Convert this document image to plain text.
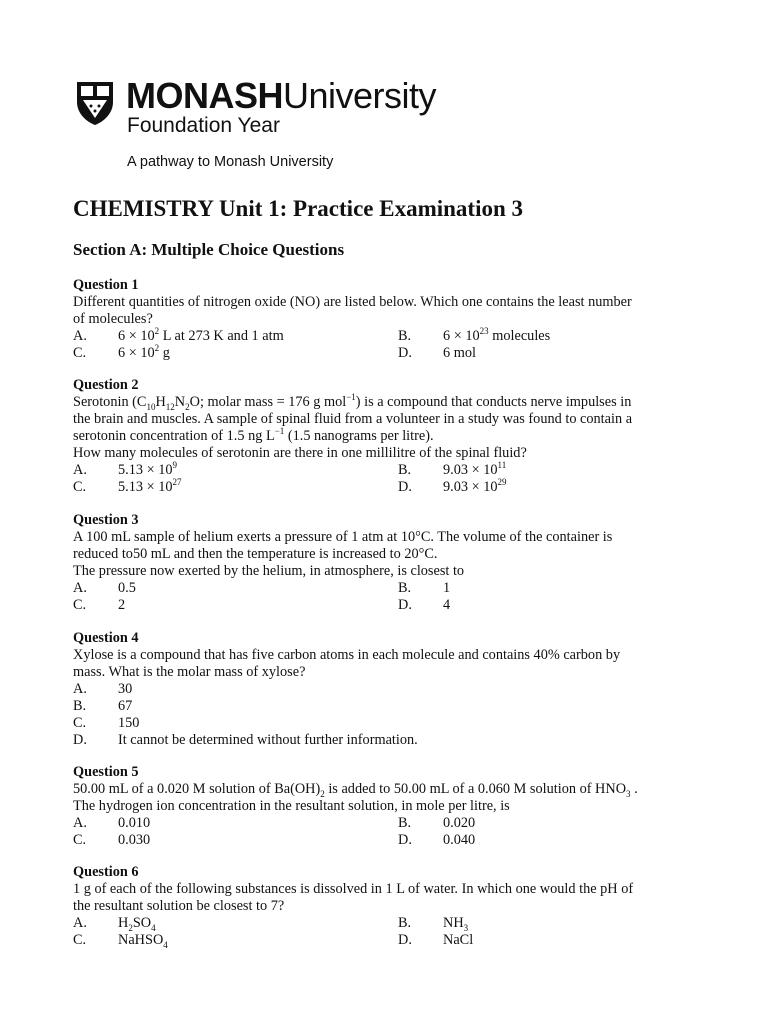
MONASHUniversity
Foundation Year
A pathway to Monash University
CHEMISTRY Unit 1: Practice Examination 3
Section A: Multiple Choice Questions

Question 1

Different quantities of nitrogen oxide (NO) are listed below. Which one contains the least number

of molecules?

A.	$6 \times 10^2$ L at 273 K and 1 atm	B.	$6 \times 10^{23}$ molecules
C.	$6 \times 10^2$ g	D.	6 mol

Question 2

Serotonin ($C_{10}H_{12}N_2O$; molar mass = 176 g mol$^{-1}$) is a compound that conducts nerve impulses in

the brain and muscles. A sample of spinal fluid from a volunteer in a study was found to contain a

serotonin concentration of 1.5 ng $L^{-1}$ (1.5 nanograms per litre).

How many molecules of serotonin are there in one millilitre of the spinal fluid?

A.	$5.13 \times 10^9$	B.	$9.03 \times 10^{11}$
C.	$5.13 \times 10^{27}$	D.	$9.03 \times 10^{29}$

Question 3

A 100 mL sample of helium exerts a pressure of 1 atm at 10°C. The volume of the container is

reduced to50 mL and then the temperature is increased to 20°C.

The pressure now exerted by the helium, in atmosphere, is closest to

A.	0.5	B.	1
C.	2	D.	4

Question 4

Xylose is a compound that has five carbon atoms in each molecule and contains 40% carbon by

mass. What is the molar mass of xylose?

A.	30
B.	67
C.	150
D.	It cannot be determined without further information.

Question 5

50.00 mL of a 0.020 M solution of $Ba(OH)_2$ is added to 50.00 mL of a 0.060 M solution of $HNO_3$ .

The hydrogen ion concentration in the resultant solution, in mole per litre, is

A.	0.010	B.	0.020
C.	0.030	D.	0.040

Question 6

1 g of each of the following substances is dissolved in 1 L of water. In which one would the pH of

the resultant solution be closest to 7?

A.	$H_2SO_4$	B.	$NH_3$
C.	NaHSO$_4$	D.	NaCl
